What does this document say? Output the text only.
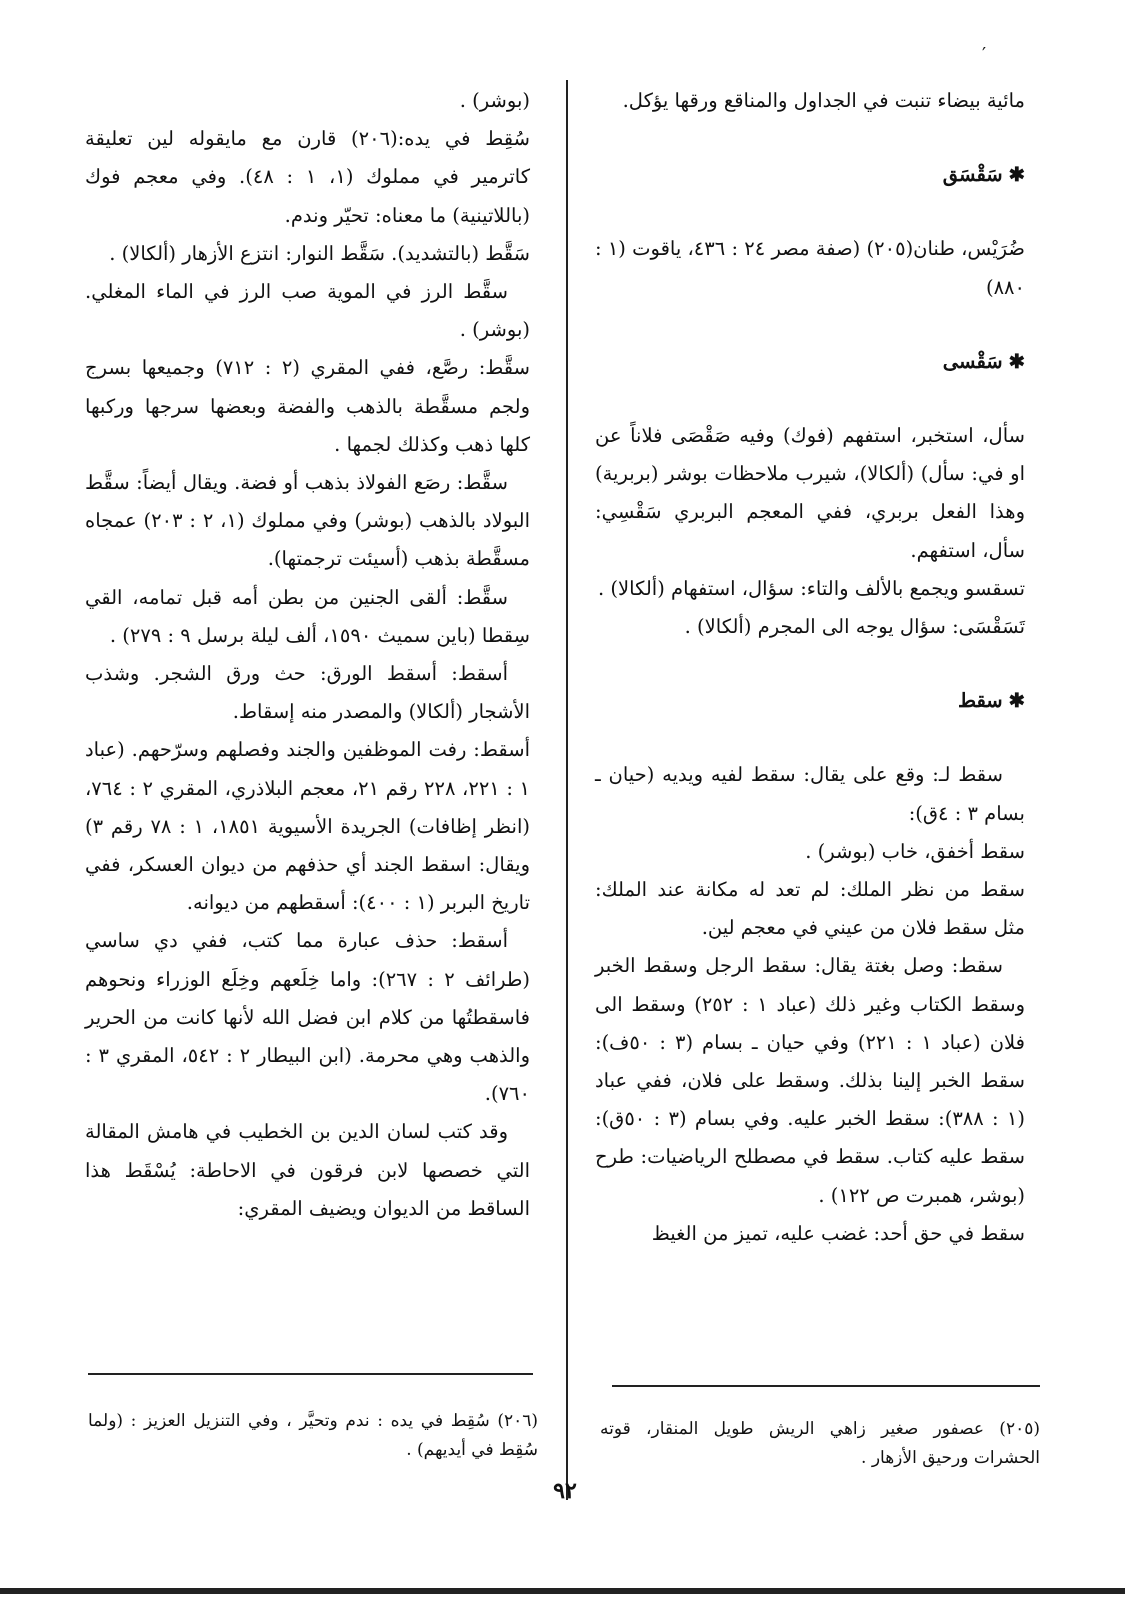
′

مائية بيضاء تنبت في الجداول والمناقع ورقها يؤكل.

✱سَقْسَق

ضُرَيْس، طنان(٢٠٥) (صفة مصر ٢٤ : ٤٣٦، ياقوت (١ : ٨٨٠)

✱سَقْسى

سأل، استخبر، استفهم (فوك) وفيه صَقْصَى فلاناً عن او في: سأل) (ألكالا)، شيرب ملاحظات بوشر (بربرية) وهذا الفعل بربري، ففي المعجم البربري سَقْسِي: سأل، استفهم.

تسقسو ويجمع بالألف والتاء: سؤال، استفهام (ألكالا) .

تَسَقْسَى: سؤال يوجه الى المجرم (ألكالا) .

✱سقط

سقط لـ: وقع على يقال: سقط لفيه ويديه (حيان ـ بسام ٣ : ٤ق):

سقط أخفق، خاب (بوشر) .

سقط من نظر الملك: لم تعد له مكانة عند الملك: مثل سقط فلان من عيني في معجم لين.

سقط: وصل بغتة يقال: سقط الرجل وسقط الخبر وسقط الكتاب وغير ذلك (عباد ١ : ٢٥٢) وسقط الى فلان (عباد ١ : ٢٢١) وفي حيان ـ بسام (٣ : ٥٠ف): سقط الخبر إلينا بذلك. وسقط على فلان، ففي عباد (١ : ٣٨٨): سقط الخبر عليه. وفي بسام (٣ : ٥٠ق): سقط عليه كتاب. سقط في مصطلح الرياضيات: طرح (بوشر، همبرت ص ١٢٢) .

سقط في حق أحد: غضب عليه، تميز من الغيظ

(بوشر) .

سُقِط في يده:(٢٠٦) قارن مع مايقوله لين تعليقة كاترمير في مملوك (١، ١ : ٤٨). وفي معجم فوك (باللاتينية) ما معناه: تحيّر وندم.

سَقَّط (بالتشديد). سَقَّط النوار: انتزع الأزهار (ألكالا) .

سقَّط الرز في الموية صب الرز في الماء المغلي. (بوشر) .

سقَّط: رصَّع، ففي المقري (٢ : ٧١٢) وجميعها بسرج ولجم مسقَّطة بالذهب والفضة وبعضها سرجها وركبها كلها ذهب وكذلك لجمها .

سقَّط: رصَع الفولاذ بذهب أو فضة. ويقال أيضاً: سقَّط البولاد بالذهب (بوشر) وفي مملوك (١، ٢ : ٢٠٣) عمجاه مسقَّطة بذهب (أسيئت ترجمتها).

سقَّط: ألقى الجنين من بطن أمه قبل تمامه، القي سِقطا (باين سميث ١٥٩٠، ألف ليلة برسل ٩ : ٢٧٩) .

أسقط: أسقط الورق: حث ورق الشجر. وشذب الأشجار (ألكالا) والمصدر منه إسقاط.

أسقط: رفت الموظفين والجند وفصلهم وسرّحهم. (عباد ١ : ٢٢١، ٢٢٨ رقم ٢١، معجم البلاذري، المقري ٢ : ٧٦٤، (انظر إظافات) الجريدة الأسيوية ١٨٥١، ١ : ٧٨ رقم ٣) ويقال: اسقط الجند أي حذفهم من ديوان العسكر، ففي تاريخ البربر (١ : ٤٠٠): أسقطهم من ديوانه.

أسقط: حذف عبارة مما كتب، ففي دي ساسي (طرائف ٢ : ٢٦٧): واما خِلَعهم وخِلَع الوزراء ونحوهم فاسقطتُها من كلام ابن فضل الله لأنها كانت من الحرير والذهب وهي محرمة. (ابن البيطار ٢ : ٥٤٢، المقري ٣ : ٧٦٠).

وقد كتب لسان الدين بن الخطيب في هامش المقالة التي خصصها لابن فرقون في الاحاطة: يُسْقَط هذا الساقط من الديوان ويضيف المقري:

(٢٠٥) عصفور صغير زاهي الريش طويل المنقار، قوته الحشرات ورحيق الأزهار .

(٢٠٦) سُقِط في يده : ندم وتحيَّر ، وفي التنزيل العزيز : (ولما سُقِط في أيديهم) .

٩٢
